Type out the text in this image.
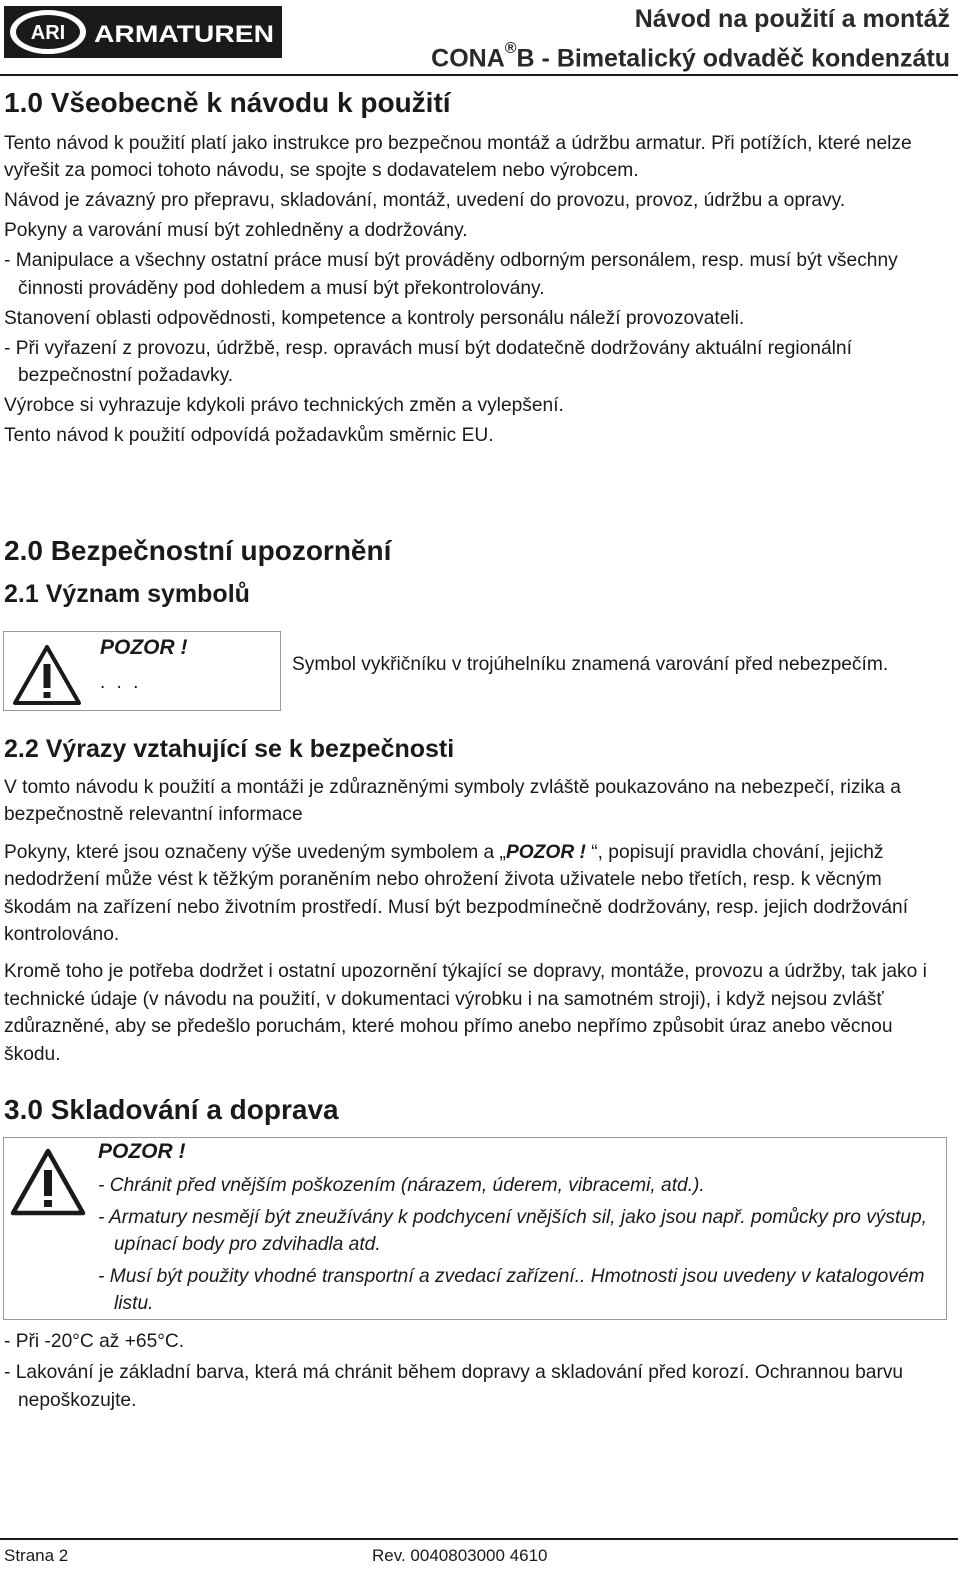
ARI ARMATUREN
Návod na použití a montáž
CONA®B - Bimetalický odvaděč kondenzátu
1.0 Všeobecně k návodu k použití

Tento návod k použití platí jako instrukce pro bezpečnou montáž a údržbu armatur. Při potížích, které nelze vyřešit za pomoci tohoto návodu, se spojte s dodavatelem nebo výrobcem.

Návod je závazný pro přepravu, skladování, montáž, uvedení do provozu, provoz, údržbu a opravy.

Pokyny a varování musí být zohledněny a dodržovány.

- Manipulace a všechny ostatní práce musí být prováděny odborným personálem, resp. musí být všechny činnosti prováděny pod dohledem a musí být překontrolovány.

Stanovení oblasti odpovědnosti, kompetence a kontroly personálu náleží provozovateli.

- Při vyřazení z provozu, údržbě, resp. opravách musí být dodatečně dodržovány aktuální regionální bezpečnostní požadavky.

Výrobce si vyhrazuje kdykoli právo technických změn a vylepšení.

Tento návod k použití odpovídá požadavkům směrnic EU.

2.0 Bezpečnostní upozornění
2.1 Význam symbolů
POZOR !
. . .
Symbol vykřičníku v trojúhelníku znamená varování před nebezpečím.
2.2 Výrazy vztahující se k bezpečnosti

V tomto návodu k použití a montáži je zdůrazněnými symboly zvláště poukazováno na nebezpečí, rizika a bezpečnostně relevantní informace

Pokyny, které jsou označeny výše uvedeným symbolem a „POZOR ! “, popisují pravidla chování, jejichž nedodržení může vést k těžkým poraněním nebo ohrožení života uživatele nebo třetích, resp. k věcným škodám na zařízení nebo životním prostředí. Musí být bezpodmínečně dodržovány, resp. jejich dodržování kontrolováno.

Kromě toho je potřeba dodržet i ostatní upozornění týkající se dopravy, montáže, provozu a údržby, tak jako i technické údaje (v návodu na použití, v dokumentaci výrobku i na samotném stroji), i když nejsou zvlášť zdůrazněné, aby se předešlo poruchám, které mohou přímo anebo nepřímo způsobit úraz anebo věcnou škodu.

3.0 Skladování a doprava
POZOR !
- Chránit před vnějším poškozením (nárazem, úderem, vibracemi, atd.).
- Armatury nesmějí být zneužívány k podchycení vnějších sil, jako jsou např. pomůcky pro výstup, upínací body pro zdvihadla atd.
- Musí být použity vhodné transportní a zvedací zařízení.. Hmotnosti jsou uvedeny v katalogovém listu.

- Při -20°C až +65°C.

- Lakování je základní barva, která má chránit během dopravy a skladování před korozí. Ochrannou barvu nepoškozujte.

Strana 2	Rev. 0040803000 4610
